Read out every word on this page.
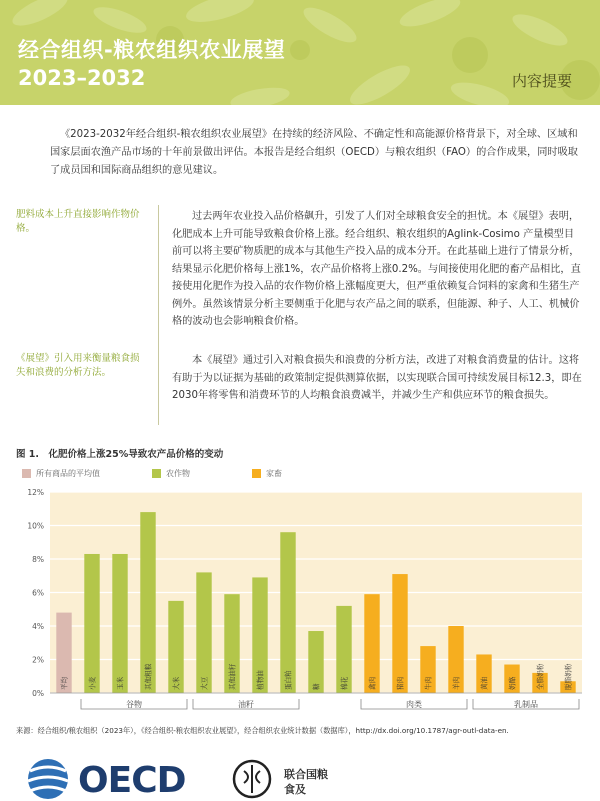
经合组织-粮农组织农业展望
2023–2032	内容提要
《2023-2032年经合组织-粮农组织农业展望》在持续的经济风险、不确定性和高能源价格背景下，对全球、区域和国家层面农渔产品市场的十年前景做出评估。本报告是经合组织（OECD）与粮农组织（FAO）的合作成果，同时吸取了成员国和国际商品组织的意见建议。
肥料成本上升直接影响作物价格。
《展望》引入用来衡量粮食损失和浪费的分析方法。
过去两年农业投入品价格飙升，引发了人们对全球粮食安全的担忧。本《展望》表明，化肥成本上升可能导致粮食价格上涨。经合组织、粮农组织的Aglink-Cosimo 产量模型目前可以将主要矿物质肥的成本与其他生产投入品的成本分开。在此基础上进行了情景分析，结果显示化肥价格每上涨1%，农产品价格将上涨0.2%。与间接使用化肥的畜产品相比，直接使用化肥作为投入品的农作物价格上涨幅度更大，但严重依赖复合饲料的家禽和生猪生产例外。虽然该情景分析主要侧重于化肥与农产品之间的联系，但能源、种子、人工、机械价格的波动也会影响粮食价格。
本《展望》通过引入对粮食损失和浪费的分析方法，改进了对粮食消费量的估计。这将有助于为以证据为基础的政策制定提供测算依据，以实现联合国可持续发展目标12.3，即在2030年将零售和消费环节的人均粮食浪费减半，并减少生产和供应环节的粮食损失。
图 1.　化肥价格上涨25%导致农产品价格的变动
所有商品的平均值	农作物	家畜
0%
2%
4%
6%
8%
10%
12%
平均	小麦	玉米	其他粗粮	大米	大豆	其他油籽	植物油	蛋白粕	糖	棉花	禽肉	猪肉	牛肉	羊肉	黄油	奶酪	全脂奶粉	脱脂奶粉
谷物	油籽	肉类	乳制品
来源：经合组织/粮农组织（2023年），《经合组织-粮农组织农业展望》，经合组织农业统计数据（数据库），http://dx.doi.org/10.1787/agr-outl-data-en.
OECD	联合国粮食及
